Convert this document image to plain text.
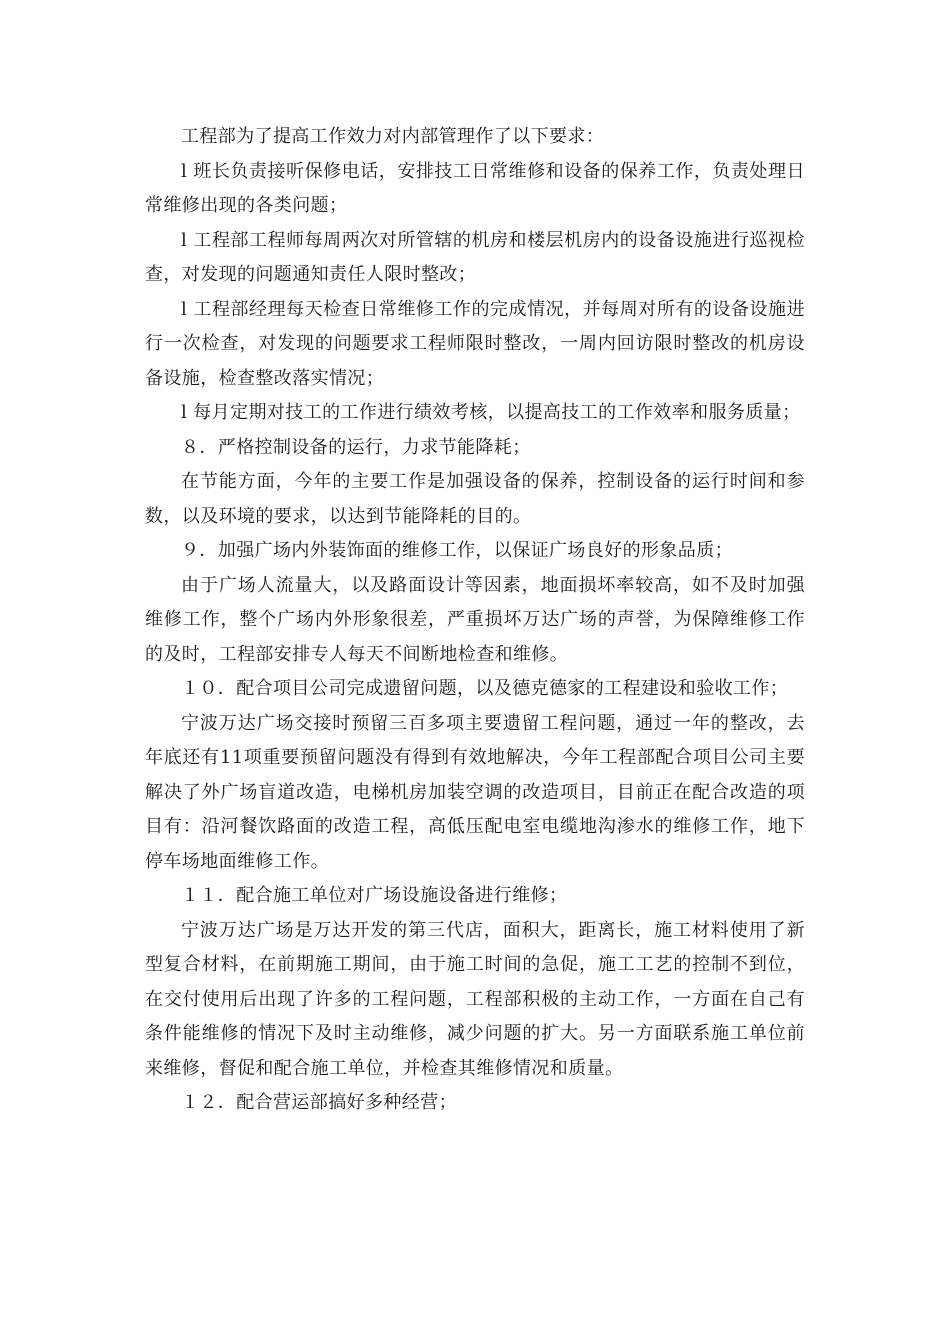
工程部为了提高工作效力对内部管理作了以下要求：

l 班长负责接听保修电话，安排技工日常维修和设备的保养工作，负责处理日常维修出现的各类问题；

l 工程部工程师每周两次对所管辖的机房和楼层机房内的设备设施进行巡视检查，对发现的问题通知责任人限时整改；

l 工程部经理每天检查日常维修工作的完成情况，并每周对所有的设备设施进行一次检查，对发现的问题要求工程师限时整改，一周内回访限时整改的机房设备设施，检查整改落实情况；

l 每月定期对技工的工作进行绩效考核，以提高技工的工作效率和服务质量；

８．严格控制设备的运行，力求节能降耗；

在节能方面，今年的主要工作是加强设备的保养，控制设备的运行时间和参数，以及环境的要求，以达到节能降耗的目的。

９．加强广场内外装饰面的维修工作，以保证广场良好的形象品质；

由于广场人流量大，以及路面设计等因素，地面损坏率较高，如不及时加强维修工作，整个广场内外形象很差，严重损坏万达广场的声誉，为保障维修工作的及时，工程部安排专人每天不间断地检查和维修。

１０．配合项目公司完成遗留问题，以及德克德家的工程建设和验收工作；

宁波万达广场交接时预留三百多项主要遗留工程问题，通过一年的整改，去年底还有11项重要预留问题没有得到有效地解决，今年工程部配合项目公司主要解决了外广场盲道改造，电梯机房加装空调的改造项目，目前正在配合改造的项目有：沿河餐饮路面的改造工程，高低压配电室电缆地沟渗水的维修工作，地下停车场地面维修工作。

１１．配合施工单位对广场设施设备进行维修；

宁波万达广场是万达开发的第三代店，面积大，距离长，施工材料使用了新型复合材料，在前期施工期间，由于施工时间的急促，施工工艺的控制不到位，在交付使用后出现了许多的工程问题，工程部积极的主动工作，一方面在自己有条件能维修的情况下及时主动维修，减少问题的扩大。另一方面联系施工单位前来维修，督促和配合施工单位，并检查其维修情况和质量。

１２．配合营运部搞好多种经营；
